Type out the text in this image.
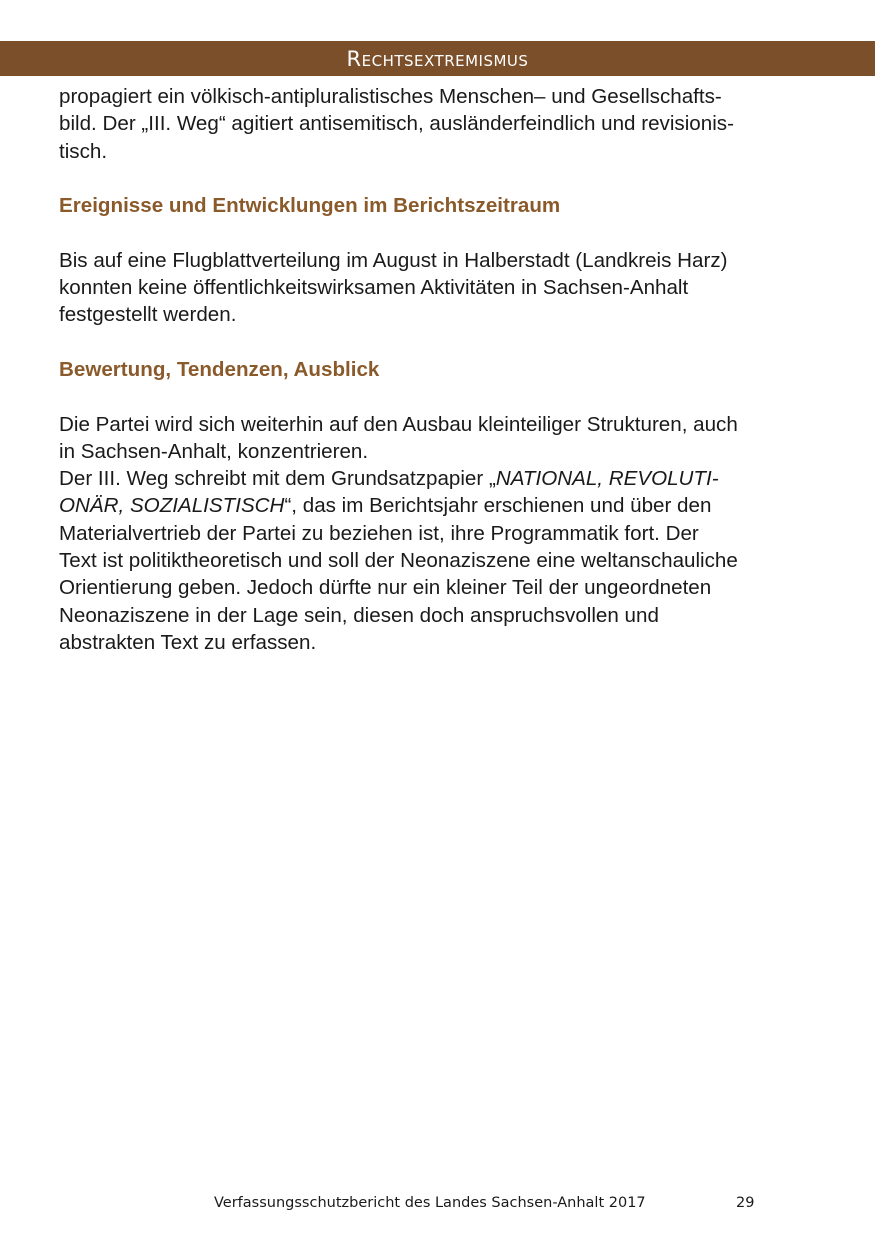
Rechtsextremismus
propagiert ein völkisch-antipluralistisches Menschen– und Gesellschafts-
bild. Der „III. Weg“ agitiert antisemitisch, ausländerfeindlich und revisionis-
tisch.
Ereignisse und Entwicklungen im Berichtszeitraum
Bis auf eine Flugblattverteilung im August in Halberstadt (Landkreis Harz)
konnten keine öffentlichkeitswirksamen Aktivitäten in Sachsen-Anhalt
festgestellt werden.
Bewertung, Tendenzen, Ausblick
Die Partei wird sich weiterhin auf den Ausbau kleinteiliger Strukturen, auch
in Sachsen-Anhalt, konzentrieren.
Der III. Weg schreibt mit dem Grundsatzpapier „NATIONAL, REVOLUTI-
ONÄR, SOZIALISTISCH“, das im Berichtsjahr erschienen und über den
Materialvertrieb der Partei zu beziehen ist, ihre Programmatik fort. Der
Text ist politiktheoretisch und soll der Neonaziszene eine weltanschauliche
Orientierung geben. Jedoch dürfte nur ein kleiner Teil der ungeordneten
Neonaziszene in der Lage sein, diesen doch anspruchsvollen und
abstrakten Text zu erfassen.
Verfassungsschutzbericht des Landes Sachsen-Anhalt 2017	29
